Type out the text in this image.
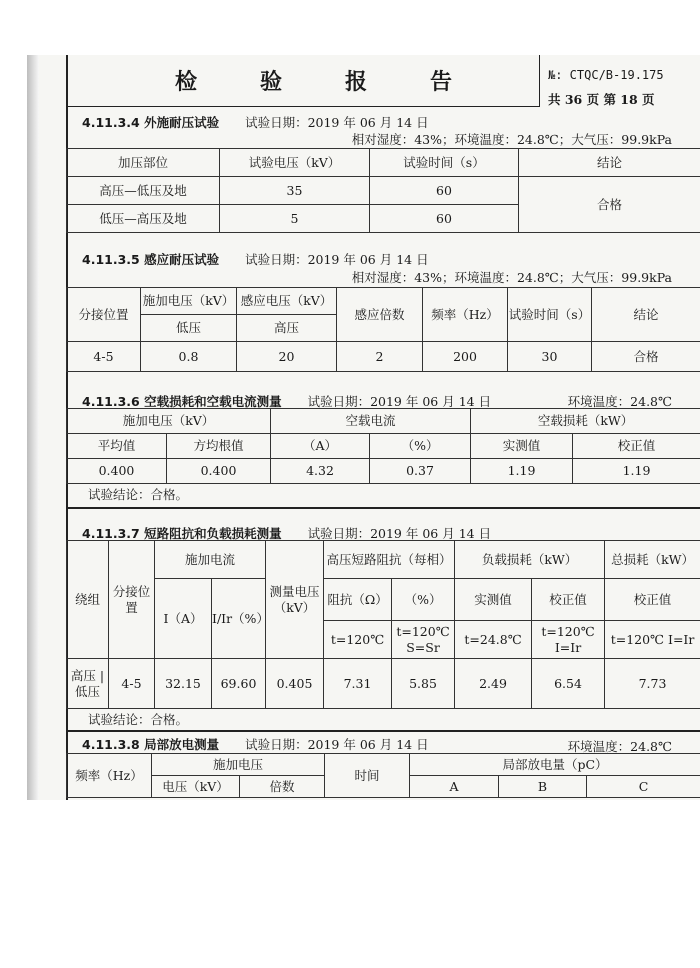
检	验	报	告	№: CTQC/B-19.175
共 36 页 第 18 页
4.11.3.4 外施耐压试验 试验日期：2019 年 06 月 14 日
相对湿度：43%；环境温度：24.8℃；大气压：99.9kPa
加压部位	试验电压（kV）	试验时间（s）	结论
高压—低压及地	35	60	合格
低压—高压及地	5	60	
4.11.3.5 感应耐压试验 试验日期：2019 年 06 月 14 日
相对湿度：43%；环境温度：24.8℃；大气压：99.9kPa
分接位置	施加电压（kV）	感应电压（kV）	感应倍数	频率（Hz）	试验时间（s）	结论
	低压	高压				
4-5	0.8	20	2	200	30	合格
4.11.3.6 空载损耗和空载电流测量 试验日期：2019 年 06 月 14 日	环境温度：24.8℃
施加电压（kV）		空载电流		空载损耗（kW）	
平均值	方均根值	（A）	（%）	实测值	校正值
0.400	0.400	4.32	0.37	1.19	1.19
试验结论：合格。
4.11.3.7 短路阻抗和负载损耗测量 试验日期：2019 年 06 月 14 日
绕组	分接位置	施加电流		测量电压（kV）	高压短路阻抗（每相）		负载损耗（kW）		总损耗（kW）
		I（A）	I/Ir（%）		阻抗（Ω）	（%）	实测值	校正值	校正值
					t=120℃	t=120℃ S=Sr	t=24.8℃	t=120℃ I=Ir	t=120℃ I=Ir
高压 | 低压	4-5	32.15	69.60	0.405	7.31	5.85	2.49	6.54	7.73
试验结论：合格。
4.11.3.8 局部放电测量 试验日期：2019 年 06 月 14 日	环境温度：24.8℃
频率（Hz）	施加电压		时间	局部放电量（pC）		
	电压（kV）	倍数		A	B	C
